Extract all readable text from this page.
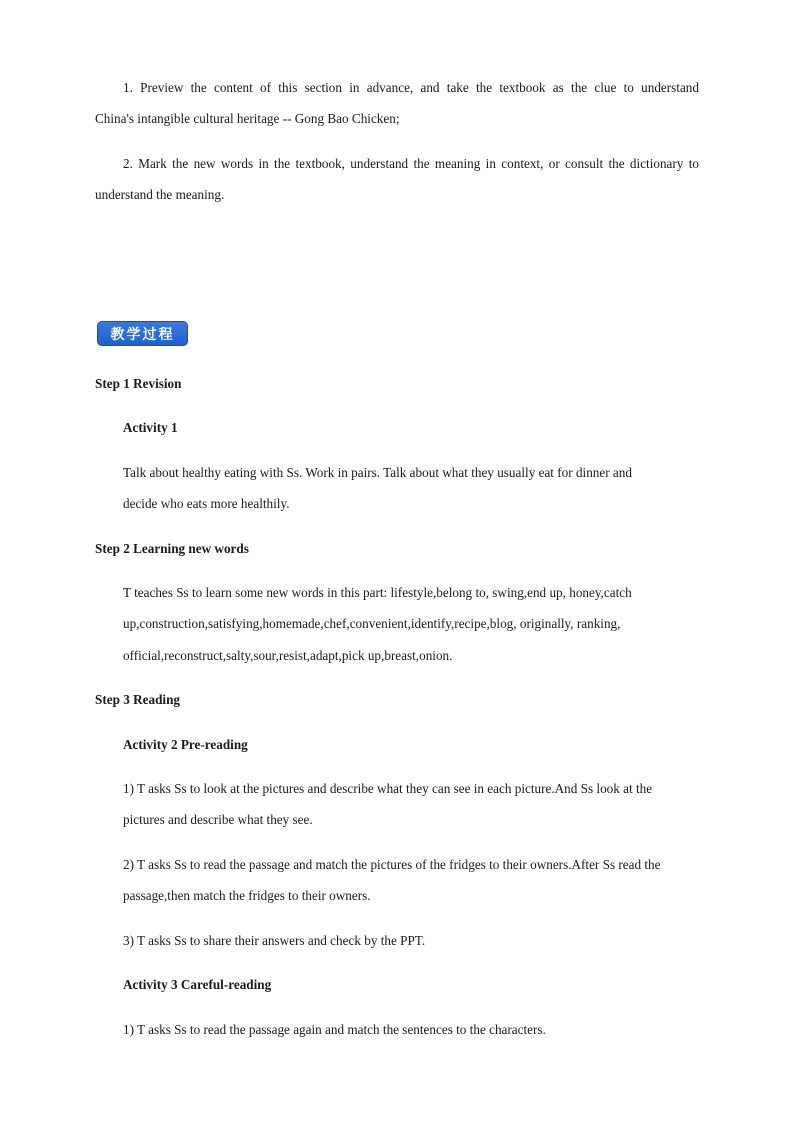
1. Preview the content of this section in advance, and take the textbook as the clue to understand

China's intangible cultural heritage -- Gong Bao Chicken;

2. Mark the new words in the textbook, understand the meaning in context, or consult the dictionary to

understand the meaning.

教学过程

Step 1 Revision

Activity 1

Talk about healthy eating with Ss. Work in pairs. Talk about what they usually eat for dinner and

decide who eats more healthily.

Step 2 Learning new words

T teaches Ss to learn some new words in this part: lifestyle,belong to, swing,end up, honey,catch

up,construction,satisfying,homemade,chef,convenient,identify,recipe,blog, originally, ranking,

official,reconstruct,salty,sour,resist,adapt,pick up,breast,onion.

Step 3 Reading

Activity 2 Pre-reading

1) T asks Ss to look at the pictures and describe what they can see in each picture.And Ss look at the

pictures and describe what they see.

2) T asks Ss to read the passage and match the pictures of the fridges to their owners.After Ss read the

passage,then match the fridges to their owners.

3) T asks Ss to share their answers and check by the PPT.

Activity 3 Careful-reading

1) T asks Ss to read the passage again and match the sentences to the characters.
